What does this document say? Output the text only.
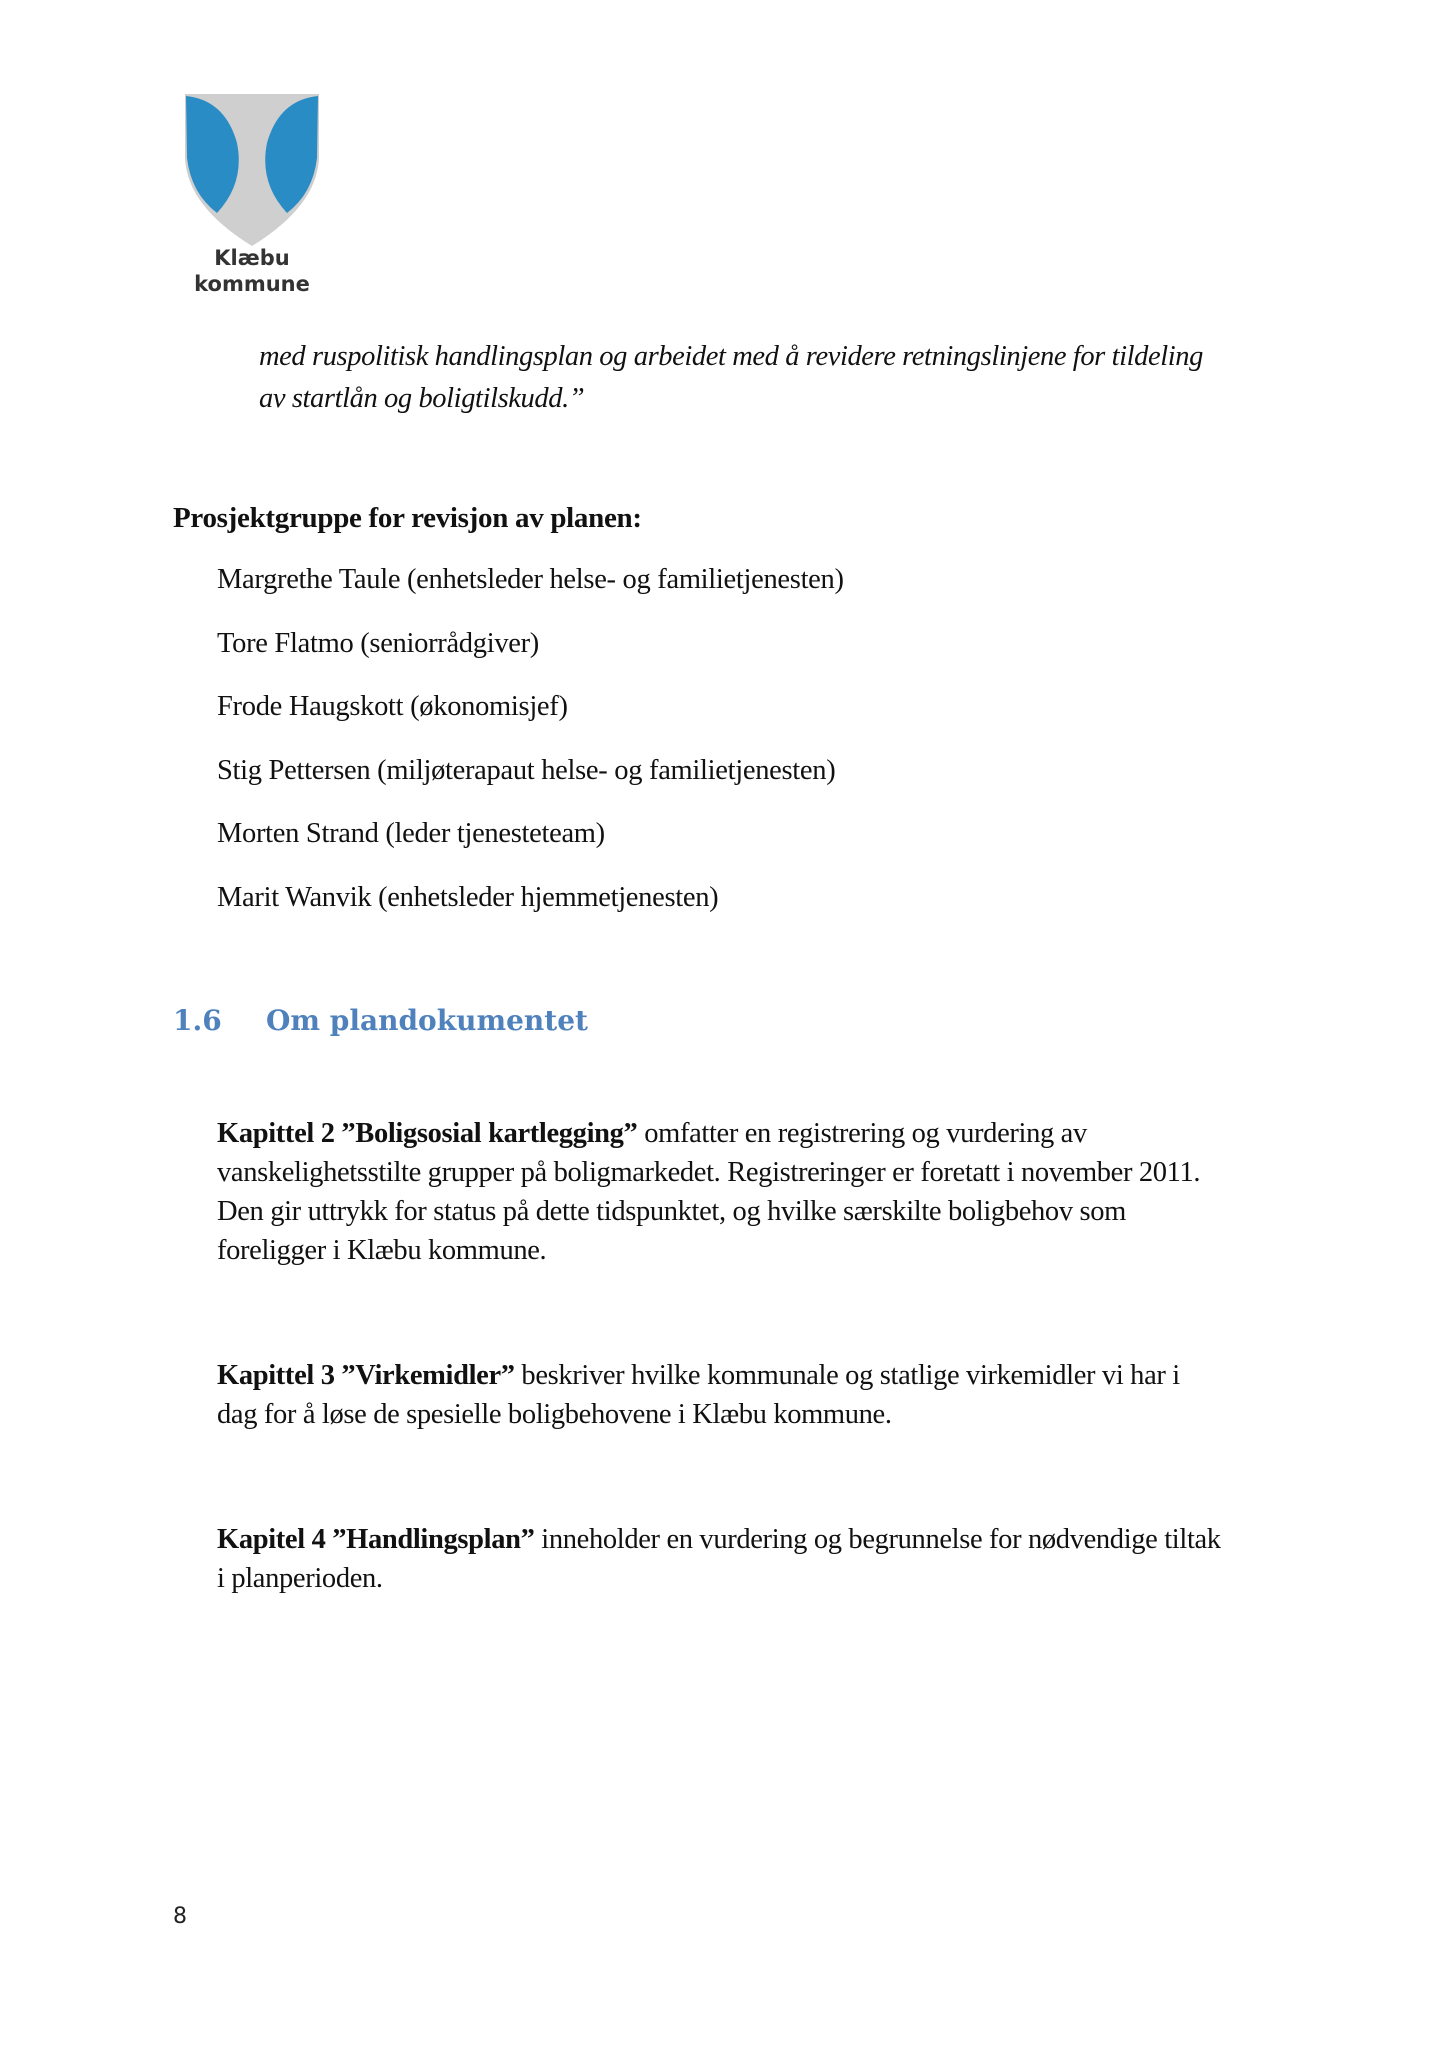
Klæbu
kommune
med ruspolitisk handlingsplan og arbeidet med å revidere retningslinjene for tildeling
av startlån og boligtilskudd.”
Prosjektgruppe for revisjon av planen:
Margrethe Taule (enhetsleder helse- og familietjenesten)
Tore Flatmo (seniorrådgiver)
Frode Haugskott (økonomisjef)
Stig Pettersen (miljøterapaut helse- og familietjenesten)
Morten Strand (leder tjenesteteam)
Marit Wanvik (enhetsleder hjemmetjenesten)
1.6 Om plandokumentet
Kapittel 2 ”Boligsosial kartlegging” omfatter en registrering og vurdering av
vanskelighetsstilte grupper på boligmarkedet. Registreringer er foretatt i november 2011.
Den gir uttrykk for status på dette tidspunktet, og hvilke særskilte boligbehov som
foreligger i Klæbu kommune.
Kapittel 3 ”Virkemidler” beskriver hvilke kommunale og statlige virkemidler vi har i
dag for å løse de spesielle boligbehovene i Klæbu kommune.
Kapitel 4 ”Handlingsplan” inneholder en vurdering og begrunnelse for nødvendige tiltak
i planperioden.
8
